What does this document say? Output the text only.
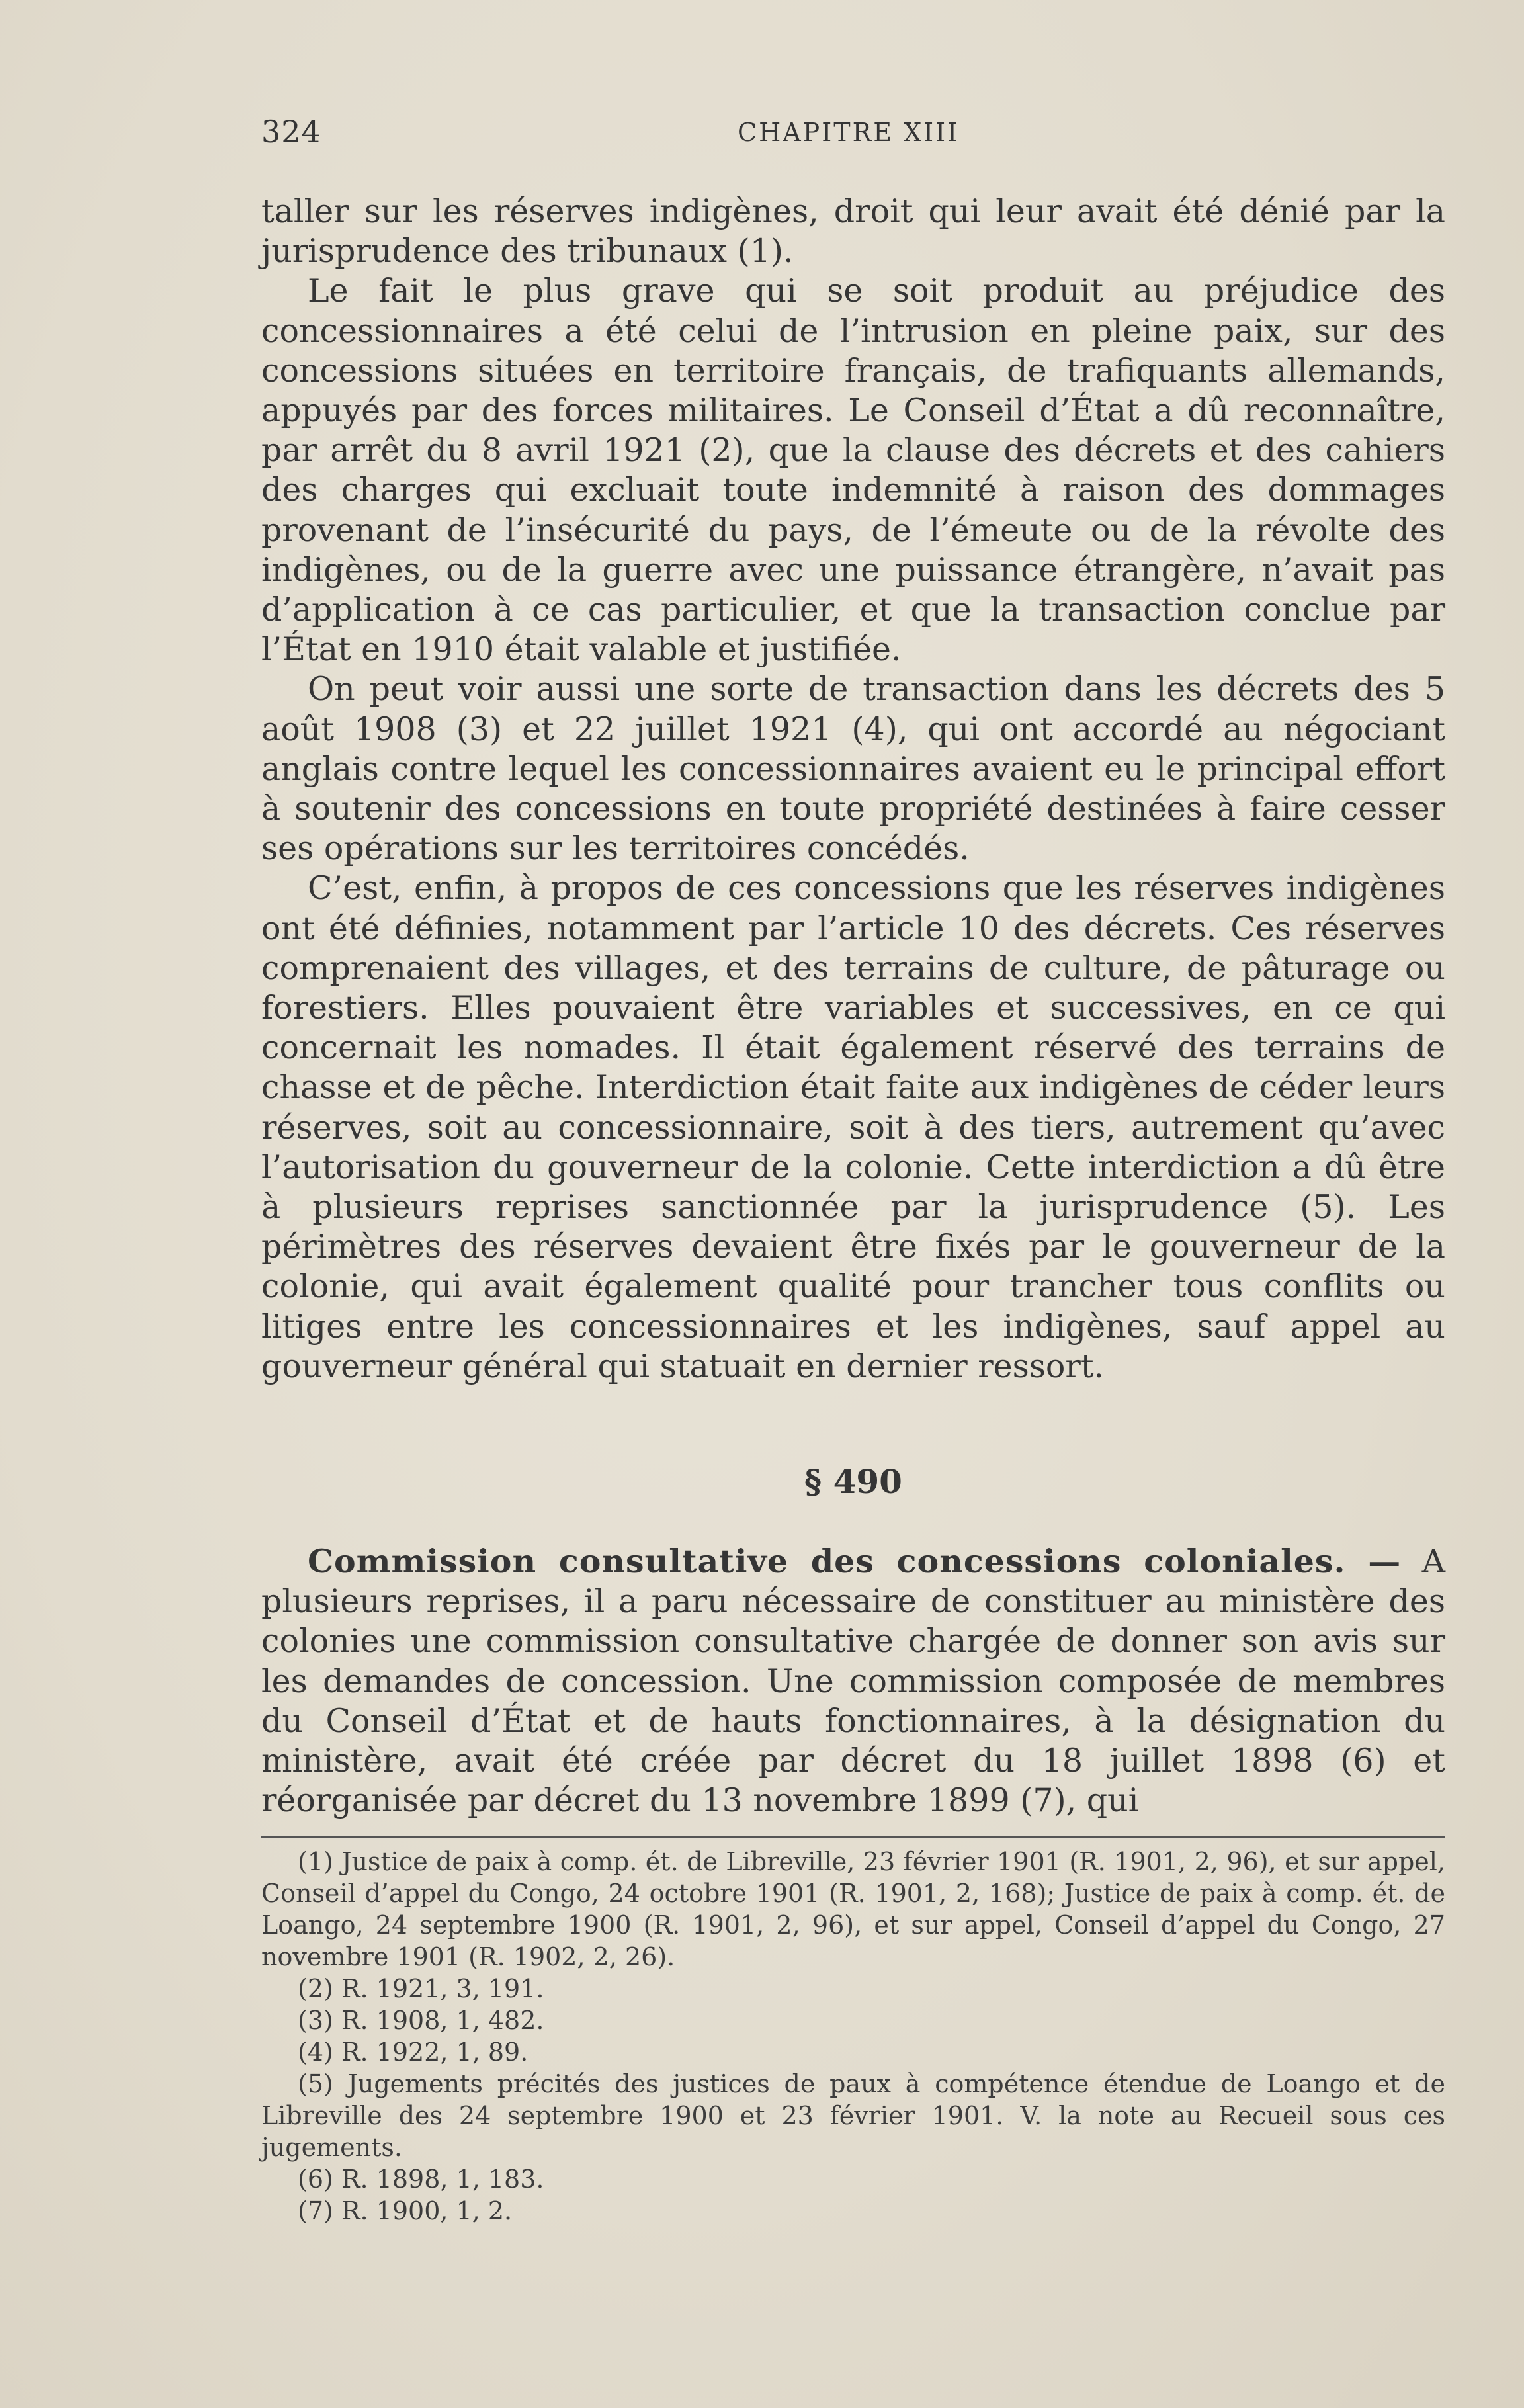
324	CHAPITRE XIII

taller sur les réserves indigènes, droit qui leur avait été dénié par la jurisprudence des tribunaux (1).

Le fait le plus grave qui se soit produit au préjudice des concessionnaires a été celui de l’intrusion en pleine paix, sur des concessions situées en territoire français, de trafiquants allemands, appuyés par des forces militaires. Le Conseil d’État a dû reconnaître, par arrêt du 8 avril 1921 (2), que la clause des décrets et des cahiers des charges qui excluait toute indemnité à raison des dommages provenant de l’insécurité du pays, de l’émeute ou de la révolte des indigènes, ou de la guerre avec une puissance étrangère, n’avait pas d’application à ce cas particulier, et que la transaction conclue par l’État en 1910 était valable et justifiée.

On peut voir aussi une sorte de transaction dans les décrets des 5 août 1908 (3) et 22 juillet 1921 (4), qui ont accordé au négociant anglais contre lequel les concessionnaires avaient eu le principal effort à soutenir des concessions en toute propriété destinées à faire cesser ses opérations sur les territoires concédés.

C’est, enfin, à propos de ces concessions que les réserves indigènes ont été définies, notamment par l’article 10 des décrets. Ces réserves comprenaient des villages, et des terrains de culture, de pâturage ou forestiers. Elles pouvaient être variables et successives, en ce qui concernait les nomades. Il était également réservé des terrains de chasse et de pêche. Interdiction était faite aux indigènes de céder leurs réserves, soit au concessionnaire, soit à des tiers, autrement qu’avec l’autorisation du gouverneur de la colonie. Cette interdiction a dû être à plusieurs reprises sanctionnée par la jurisprudence (5). Les périmètres des réserves devaient être fixés par le gouverneur de la colonie, qui avait également qualité pour trancher tous conflits ou litiges entre les concessionnaires et les indigènes, sauf appel au gouverneur général qui statuait en dernier ressort.

§ 490

Commission consultative des concessions coloniales. — A plusieurs reprises, il a paru nécessaire de constituer au ministère des colonies une commission consultative chargée de donner son avis sur les demandes de concession. Une commission composée de membres du Conseil d’État et de hauts fonctionnaires, à la désignation du ministère, avait été créée par décret du 18 juillet 1898 (6) et réorganisée par décret du 13 novembre 1899 (7), qui

(1) Justice de paix à comp. ét. de Libreville, 23 février 1901 (R. 1901, 2, 96), et sur appel, Conseil d’appel du Congo, 24 octobre 1901 (R. 1901, 2, 168); Justice de paix à comp. ét. de Loango, 24 septembre 1900 (R. 1901, 2, 96), et sur appel, Conseil d’appel du Congo, 27 novembre 1901 (R. 1902, 2, 26).

(2) R. 1921, 3, 191.

(3) R. 1908, 1, 482.

(4) R. 1922, 1, 89.

(5) Jugements précités des justices de paux à compétence étendue de Loango et de Libreville des 24 septembre 1900 et 23 février 1901. V. la note au Recueil sous ces jugements.

(6) R. 1898, 1, 183.

(7) R. 1900, 1, 2.
